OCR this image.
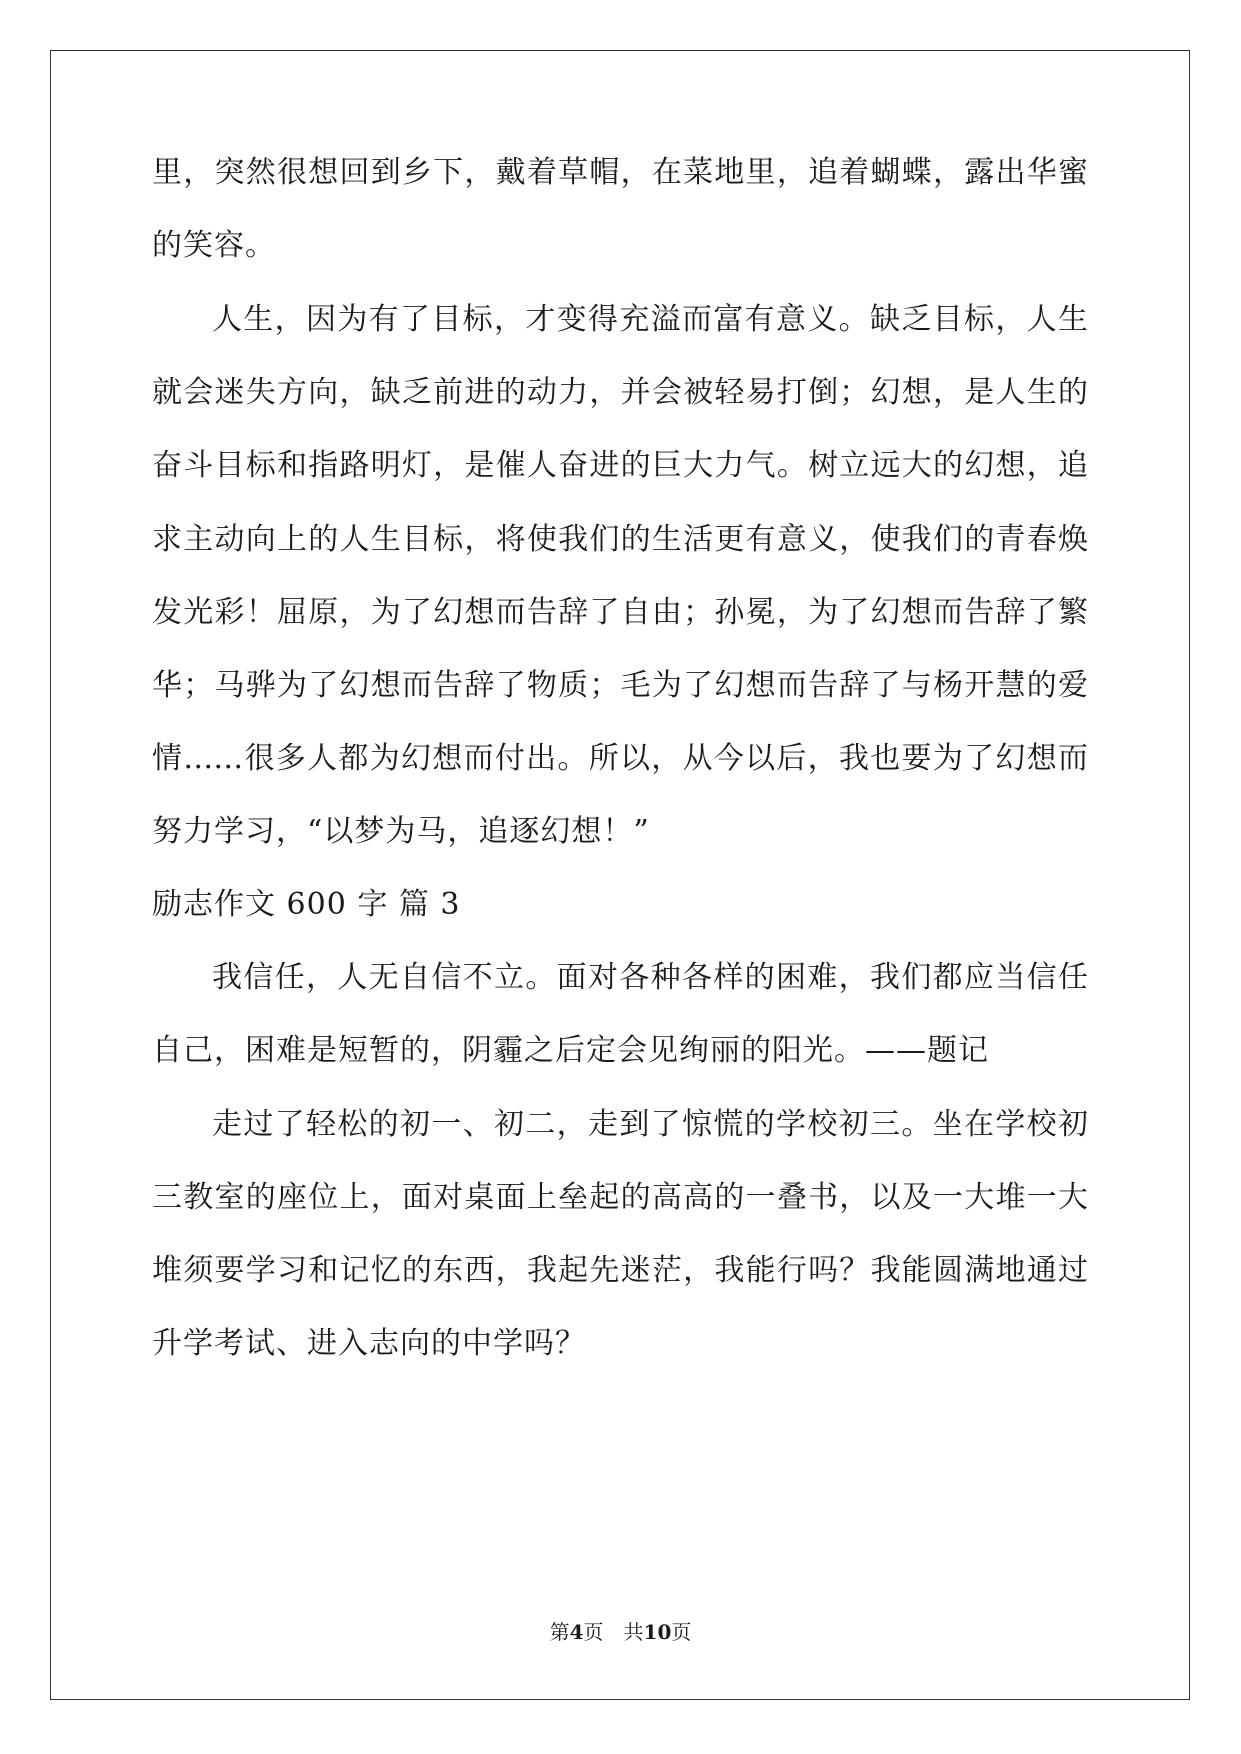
里，突然很想回到乡下，戴着草帽，在菜地里，追着蝴蝶，露出华蜜
的笑容。
人生，因为有了目标，才变得充溢而富有意义。缺乏目标，人生
就会迷失方向，缺乏前进的动力，并会被轻易打倒；幻想，是人生的
奋斗目标和指路明灯，是催人奋进的巨大力气。树立远大的幻想，追
求主动向上的人生目标，将使我们的生活更有意义，使我们的青春焕
发光彩！屈原，为了幻想而告辞了自由；孙冕，为了幻想而告辞了繁
华；马骅为了幻想而告辞了物质；毛为了幻想而告辞了与杨开慧的爱
情……很多人都为幻想而付出。所以，从今以后，我也要为了幻想而
努力学习，“以梦为马，追逐幻想！”
励志作文 600 字 篇 3
我信任，人无自信不立。面对各种各样的困难，我们都应当信任
自己，困难是短暂的，阴霾之后定会见绚丽的阳光。——题记
走过了轻松的初一、初二，走到了惊慌的学校初三。坐在学校初
三教室的座位上，面对桌面上垒起的高高的一叠书，以及一大堆一大
堆须要学习和记忆的东西，我起先迷茫，我能行吗？我能圆满地通过
升学考试、进入志向的中学吗？
第4页　共10页
